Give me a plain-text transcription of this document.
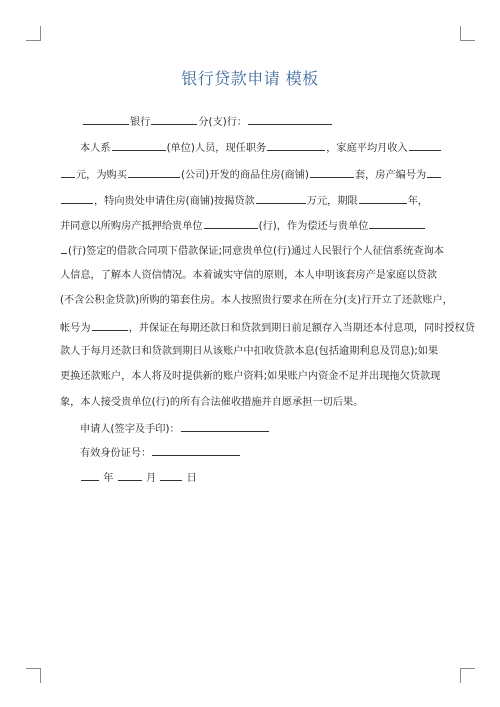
银行贷款申请 模板
银行	分(支)行：
本人系	(单位)人员，现任职务	，家庭平均月收入
元，为购买	(公司)开发的商品住房(商铺)	套，房产编号为
，特向贵处申请住房(商铺)按揭贷款	万元，期限	年，
并同意以所购房产抵押给贵单位	(行)，作为偿还与贵单位
(行)签定的借款合同项下借款保证;同意贵单位(行)通过人民银行个人征信系统查询本
人信息，了解本人资信情况。本着诚实守信的原则，本人申明该套房产是家庭以贷款
(不含公积金贷款)所购的第套住房。本人按照贵行要求在所在分(支)行开立了还款账户，
帐号为	，并保证在每期还款日和贷款到期日前足额存入当期还本付息项，同时授权贷
款人于每月还款日和贷款到期日从该账户中扣收贷款本息(包括逾期利息及罚息);如果
更换还款账户，本人将及时提供新的账户资料;如果账户内资金不足并出现拖欠贷款现
象，本人接受贵单位(行)的所有合法催收措施并自愿承担一切后果。
申请人(签字及手印)：
有效身份证号：
年	月	日
